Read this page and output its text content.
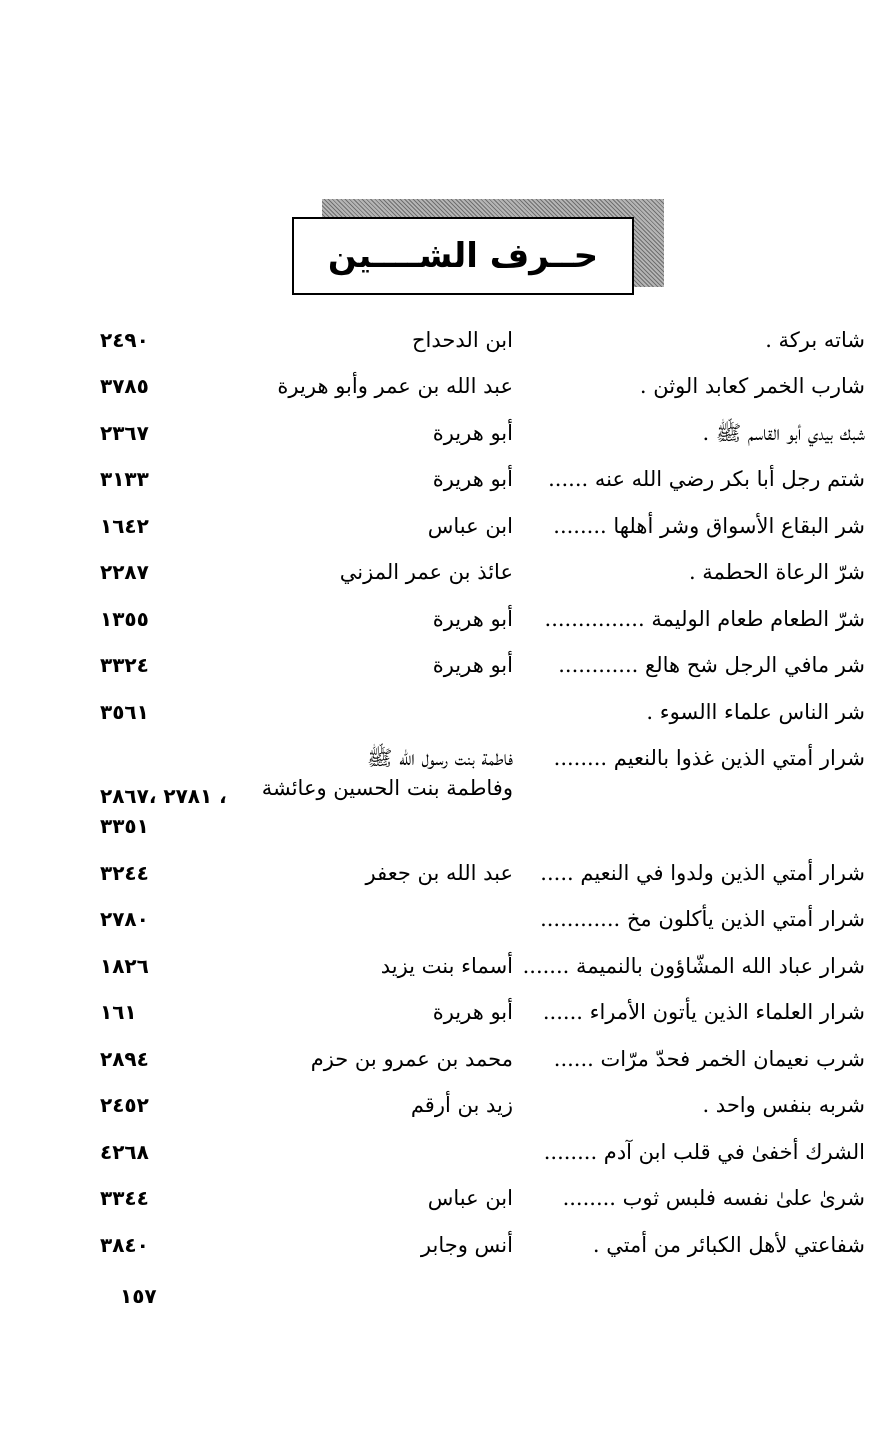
حــرف الشــــين
شاته بركة .
ابن الدحداح
٢٤٩٠
شارب الخمر كعابد الوثن .
عبد الله بن عمر وأبو هريرة
٣٧٨٥
شبك بيدي أبو القاسم ﷺ .
أبو هريرة
٢٣٦٧
شتم رجل أبا بكر رضي الله عنه ......
أبو هريرة
٣١٣٣
شر البقاع الأسواق وشر أهلها ........
ابن عباس
١٦٤٢
شرّ الرعاة الحطمة .
عائذ بن عمر المزني
٢٢٨٧
شرّ الطعام طعام الوليمة ...............
أبو هريرة
١٣٥٥
شر مافي الرجل شح هالع ............
أبو هريرة
٣٣٢٤
شر الناس علماء االسوء .
٣٥٦١
شرار أمتي الذين غذوا بالنعيم ........
فاطمة بنت رسول الله ﷺ
وفاطمة بنت الحسين وعائشة
٢٧٨١ ،٢٨٦٧ ،
٣٣٥١
شرار أمتي الذين ولدوا في النعيم .....
عبد الله بن جعفر
٣٢٤٤
شرار أمتي الذين يأكلون مخ ............
٢٧٨٠
شرار عباد الله المشّاؤون بالنميمة .......
أسماء بنت يزيد
١٨٢٦
شرار العلماء الذين يأتون الأمراء ......
أبو هريرة
١٦١
شرب نعيمان الخمر فحدّ مرّات ......
محمد بن عمرو بن حزم
٢٨٩٤
شربه بنفس واحد .
زيد بن أرقم
٢٤٥٢
الشرك أخفىٰ في قلب ابن آدم ........
٤٢٦٨
شرىٰ علىٰ نفسه فلبس ثوب ........
ابن عباس
٣٣٤٤
شفاعتي لأهل الكبائر من أمتي .
أنس وجابر
٣٨٤٠
١٥٧
